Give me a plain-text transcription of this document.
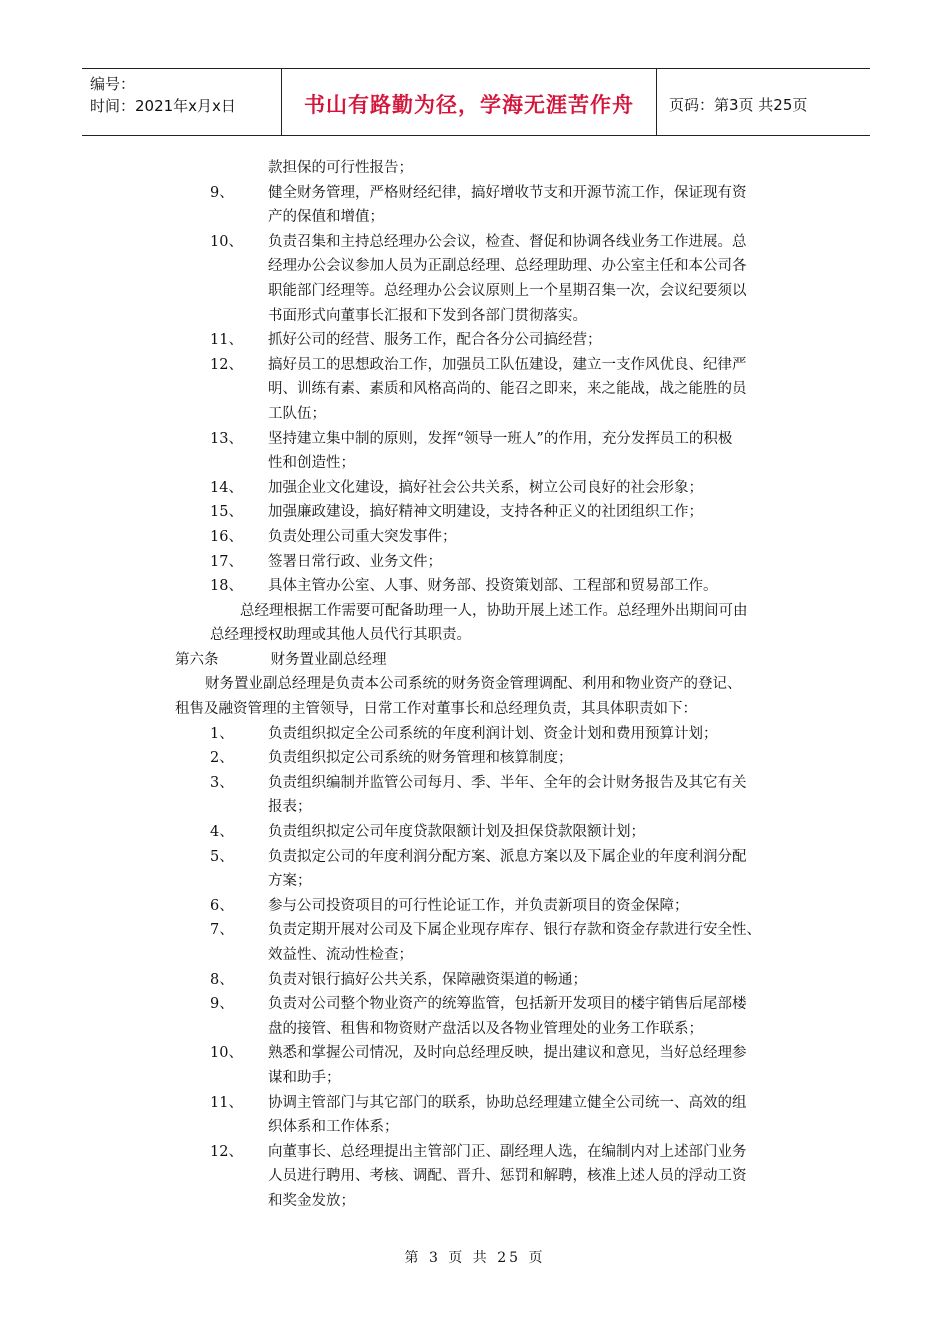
编号：
时间：2021年x月x日	书山有路勤为径，学海无涯苦作舟	页码：第3页 共25页
款担保的可行性报告；
9、 健全财务管理，严格财经纪律，搞好增收节支和开源节流工作，保证现有资
产的保值和增值；
10、 负责召集和主持总经理办公会议，检查、督促和协调各线业务工作进展。总
经理办公会议参加人员为正副总经理、总经理助理、办公室主任和本公司各
职能部门经理等。总经理办公会议原则上一个星期召集一次，会议纪要须以
书面形式向董事长汇报和下发到各部门贯彻落实。
11、 抓好公司的经营、服务工作，配合各分公司搞经营；
12、 搞好员工的思想政治工作，加强员工队伍建设，建立一支作风优良、纪律严
明、训练有素、素质和风格高尚的、能召之即来，来之能战，战之能胜的员
工队伍；
13、 坚持建立集中制的原则，发挥“领导一班人”的作用，充分发挥员工的积极
性和创造性；
14、 加强企业文化建设，搞好社会公共关系，树立公司良好的社会形象；
15、 加强廉政建设，搞好精神文明建设，支持各种正义的社团组织工作；
16、 负责处理公司重大突发事件；
17、 签署日常行政、业务文件；
18、 具体主管办公室、人事、财务部、投资策划部、工程部和贸易部工作。
总经理根据工作需要可配备助理一人，协助开展上述工作。总经理外出期间可由
总经理授权助理或其他人员代行其职责。
第六条	财务置业副总经理
财务置业副总经理是负责本公司系统的财务资金管理调配、利用和物业资产的登记、
租售及融资管理的主管领导，日常工作对董事长和总经理负责，其具体职责如下：
1、 负责组织拟定全公司系统的年度利润计划、资金计划和费用预算计划；
2、 负责组织拟定公司系统的财务管理和核算制度；
3、 负责组织编制并监管公司每月、季、半年、全年的会计财务报告及其它有关
报表；
4、 负责组织拟定公司年度贷款限额计划及担保贷款限额计划；
5、 负责拟定公司的年度利润分配方案、派息方案以及下属企业的年度利润分配
方案；
6、 参与公司投资项目的可行性论证工作，并负责新项目的资金保障；
7、 负责定期开展对公司及下属企业现存库存、银行存款和资金存款进行安全性、
效益性、流动性检查；
8、 负责对银行搞好公共关系，保障融资渠道的畅通；
9、 负责对公司整个物业资产的统筹监管，包括新开发项目的楼宇销售后尾部楼
盘的接管、租售和物资财产盘活以及各物业管理处的业务工作联系；
10、 熟悉和掌握公司情况，及时向总经理反映，提出建议和意见，当好总经理参
谋和助手；
11、 协调主管部门与其它部门的联系，协助总经理建立健全公司统一、高效的组
织体系和工作体系；
12、 向董事长、总经理提出主管部门正、副经理人选，在编制内对上述部门业务
人员进行聘用、考核、调配、晋升、惩罚和解聘，核准上述人员的浮动工资
和奖金发放；
第 3 页 共 25 页
